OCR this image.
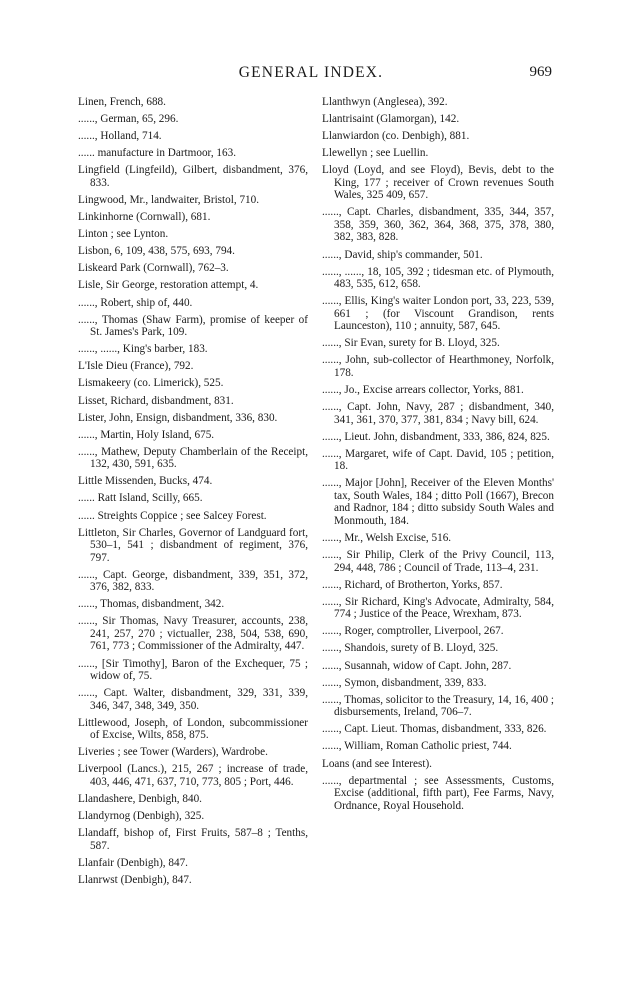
GENERAL INDEX.	969

Linen, French, 688.

......, German, 65, 296.

......, Holland, 714.

...... manufacture in Dartmoor, 163.

Lingfield (Lingfeild), Gilbert, disbandment, 376, 833.

Lingwood, Mr., landwaiter, Bristol, 710.

Linkinhorne (Cornwall), 681.

Linton ; see Lynton.

Lisbon, 6, 109, 438, 575, 693, 794.

Liskeard Park (Cornwall), 762–3.

Lisle, Sir George, restoration attempt, 4.

......, Robert, ship of, 440.

......, Thomas (Shaw Farm), promise of keeper of St. James's Park, 109.

......, ......, King's barber, 183.

L'Isle Dieu (France), 792.

Lismakeery (co. Limerick), 525.

Lisset, Richard, disbandment, 831.

Lister, John, Ensign, disbandment, 336, 830.

......, Martin, Holy Island, 675.

......, Mathew, Deputy Chamberlain of the Receipt, 132, 430, 591, 635.

Little Missenden, Bucks, 474.

...... Ratt Island, Scilly, 665.

...... Streights Coppice ; see Salcey Forest.

Littleton, Sir Charles, Governor of Landguard fort, 530–1, 541 ; disbandment of regiment, 376, 797.

......, Capt. George, disbandment, 339, 351, 372, 376, 382, 833.

......, Thomas, disbandment, 342.

......, Sir Thomas, Navy Treasurer, accounts, 238, 241, 257, 270 ; victualler, 238, 504, 538, 690, 761, 773 ; Commissioner of the Admiralty, 447.

......, [Sir Timothy], Baron of the Exchequer, 75 ; widow of, 75.

......, Capt. Walter, disbandment, 329, 331, 339, 346, 347, 348, 349, 350.

Littlewood, Joseph, of London, subcommissioner of Excise, Wilts, 858, 875.

Liveries ; see Tower (Warders), Wardrobe.

Liverpool (Lancs.), 215, 267 ; increase of trade, 403, 446, 471, 637, 710, 773, 805 ; Port, 446.

Llandashere, Denbigh, 840.

Llandyrnog (Denbigh), 325.

Llandaff, bishop of, First Fruits, 587–8 ; Tenths, 587.

Llanfair (Denbigh), 847.

Llanrwst (Denbigh), 847.

Llanthwyn (Anglesea), 392.

Llantrisaint (Glamorgan), 142.

Llanwiardon (co. Denbigh), 881.

Llewellyn ; see Luellin.

Lloyd (Loyd, and see Floyd), Bevis, debt to the King, 177 ; receiver of Crown revenues South Wales, 325 409, 657.

......, Capt. Charles, disbandment, 335, 344, 357, 358, 359, 360, 362, 364, 368, 375, 378, 380, 382, 383, 828.

......, David, ship's commander, 501.

......, ......, 18, 105, 392 ; tidesman etc. of Plymouth, 483, 535, 612, 658.

......, Ellis, King's waiter London port, 33, 223, 539, 661 ; (for Viscount Grandison, rents Launceston), 110 ; annuity, 587, 645.

......, Sir Evan, surety for B. Lloyd, 325.

......, John, sub-collector of Hearthmoney, Norfolk, 178.

......, Jo., Excise arrears collector, Yorks, 881.

......, Capt. John, Navy, 287 ; disbandment, 340, 341, 361, 370, 377, 381, 834 ; Navy bill, 624.

......, Lieut. John, disbandment, 333, 386, 824, 825.

......, Margaret, wife of Capt. David, 105 ; petition, 18.

......, Major [John], Receiver of the Eleven Months' tax, South Wales, 184 ; ditto Poll (1667), Brecon and Radnor, 184 ; ditto subsidy South Wales and Monmouth, 184.

......, Mr., Welsh Excise, 516.

......, Sir Philip, Clerk of the Privy Council, 113, 294, 448, 786 ; Council of Trade, 113–4, 231.

......, Richard, of Brotherton, Yorks, 857.

......, Sir Richard, King's Advocate, Admiralty, 584, 774 ; Justice of the Peace, Wrexham, 873.

......, Roger, comptroller, Liverpool, 267.

......, Shandois, surety of B. Lloyd, 325.

......, Susannah, widow of Capt. John, 287.

......, Symon, disbandment, 339, 833.

......, Thomas, solicitor to the Treasury, 14, 16, 400 ; disbursements, Ireland, 706–7.

......, Capt. Lieut. Thomas, disbandment, 333, 826.

......, William, Roman Catholic priest, 744.

Loans (and see Interest).

......, departmental ; see Assessments, Customs, Excise (additional, fifth part), Fee Farms, Navy, Ordnance, Royal Household.
